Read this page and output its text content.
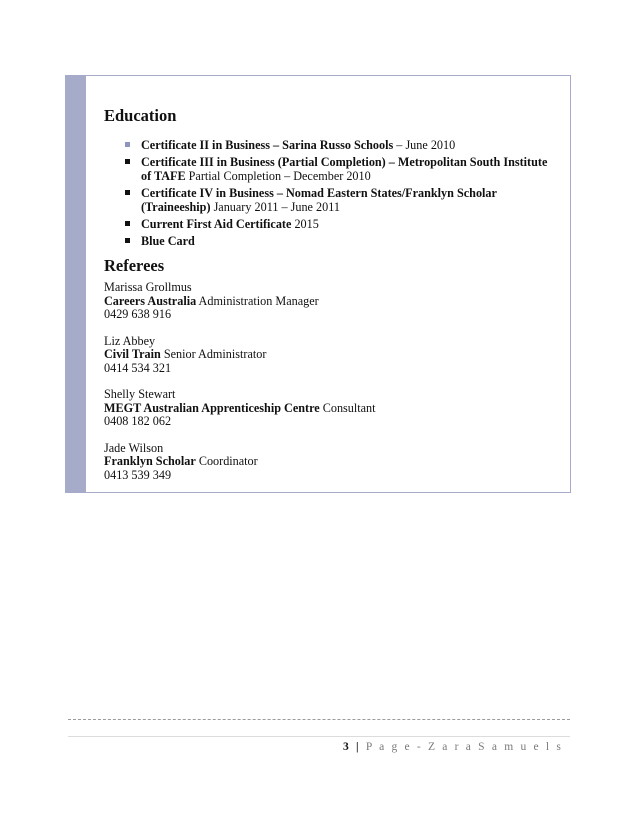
Education
Certificate II in Business – Sarina Russo Schools – June 2010
Certificate III in Business (Partial Completion) – Metropolitan South Institute of TAFE Partial Completion – December 2010
Certificate IV in Business – Nomad Eastern States/Franklyn Scholar (Traineeship) January 2011 – June 2011
Current First Aid Certificate 2015
Blue Card
Referees
Marissa Grollmus
Careers Australia Administration Manager
0429 638 916
Liz Abbey
Civil Train Senior Administrator
0414 534 321
Shelly Stewart
MEGT Australian Apprenticeship Centre Consultant
0408 182 062
Jade Wilson
Franklyn Scholar Coordinator
0413 539 349
3 | P a g e - Z a r a S a m u e l s
